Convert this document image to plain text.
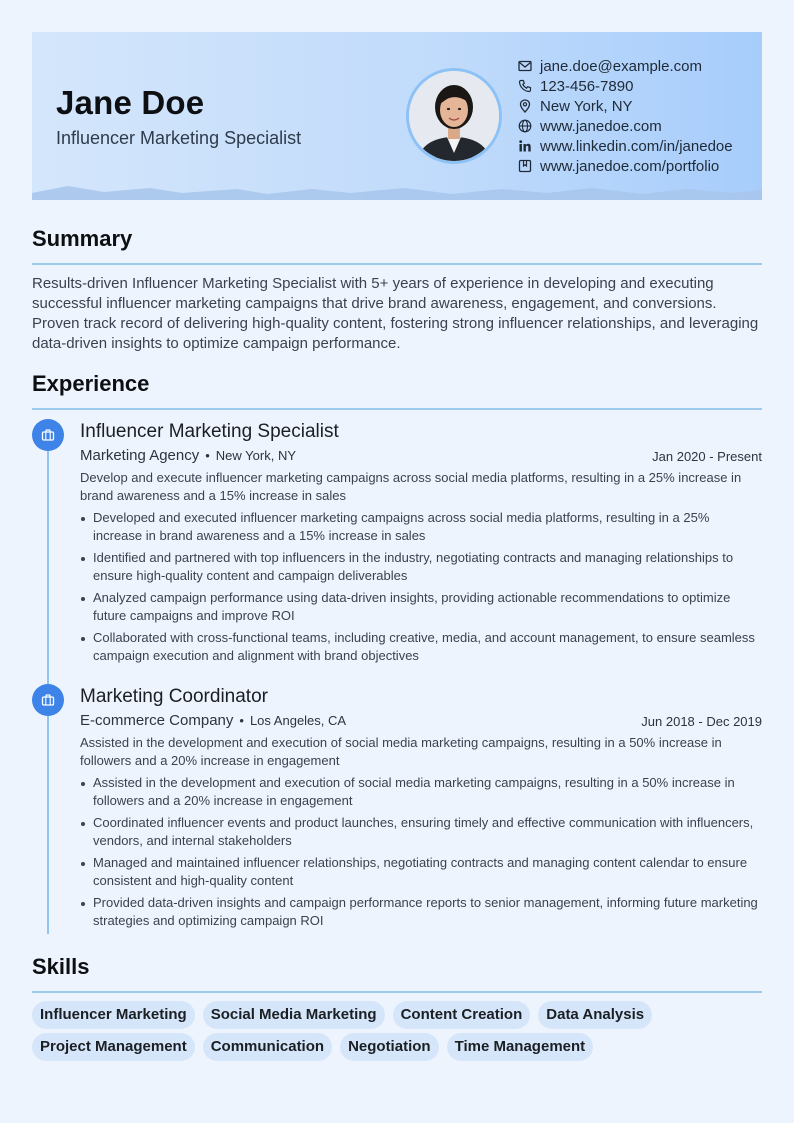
Jane Doe
Influencer Marketing Specialist
jane.doe@example.com
123-456-7890
New York, NY
www.janedoe.com
www.linkedin.com/in/janedoe
www.janedoe.com/portfolio
Summary
Results-driven Influencer Marketing Specialist with 5+ years of experience in developing and executing successful influencer marketing campaigns that drive brand awareness, engagement, and conversions. Proven track record of delivering high-quality content, fostering strong influencer relationships, and leveraging data-driven insights to optimize campaign performance.
Experience
Influencer Marketing Specialist
Marketing Agency • New York, NY	Jan 2020 - Present
Develop and execute influencer marketing campaigns across social media platforms, resulting in a 25% increase in brand awareness and a 15% increase in sales
Developed and executed influencer marketing campaigns across social media platforms, resulting in a 25% increase in brand awareness and a 15% increase in sales
Identified and partnered with top influencers in the industry, negotiating contracts and managing relationships to ensure high-quality content and campaign deliverables
Analyzed campaign performance using data-driven insights, providing actionable recommendations to optimize future campaigns and improve ROI
Collaborated with cross-functional teams, including creative, media, and account management, to ensure seamless campaign execution and alignment with brand objectives
Marketing Coordinator
E-commerce Company • Los Angeles, CA	Jun 2018 - Dec 2019
Assisted in the development and execution of social media marketing campaigns, resulting in a 50% increase in followers and a 20% increase in engagement
Assisted in the development and execution of social media marketing campaigns, resulting in a 50% increase in followers and a 20% increase in engagement
Coordinated influencer events and product launches, ensuring timely and effective communication with influencers, vendors, and internal stakeholders
Managed and maintained influencer relationships, negotiating contracts and managing content calendar to ensure consistent and high-quality content
Provided data-driven insights and campaign performance reports to senior management, informing future marketing strategies and optimizing campaign ROI
Skills
Influencer Marketing	Social Media Marketing	Content Creation	Data Analysis
Project Management	Communication	Negotiation	Time Management
